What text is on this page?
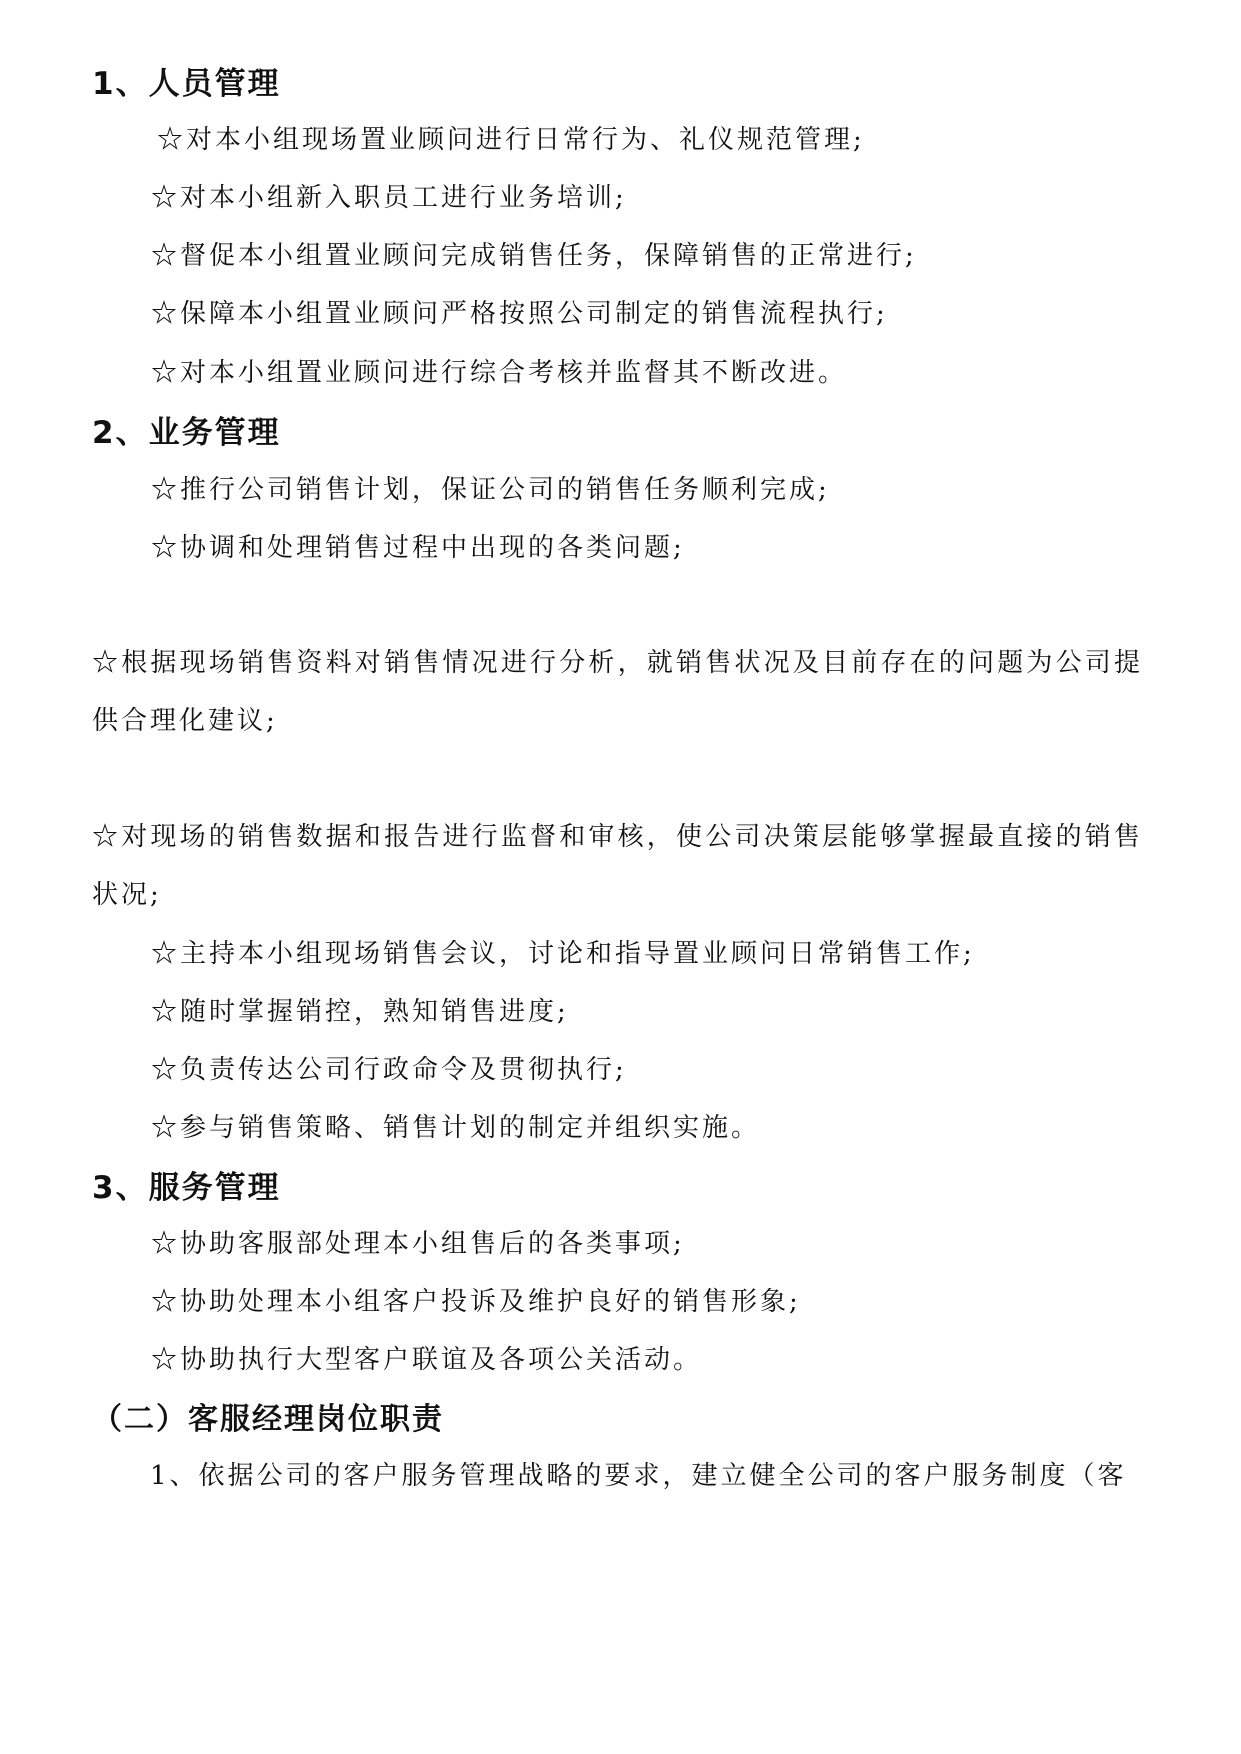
1、人员管理
☆对本小组现场置业顾问进行日常行为、礼仪规范管理;
☆对本小组新入职员工进行业务培训;
☆督促本小组置业顾问完成销售任务，保障销售的正常进行;
☆保障本小组置业顾问严格按照公司制定的销售流程执行;
☆对本小组置业顾问进行综合考核并监督其不断改进。
2、业务管理
☆推行公司销售计划，保证公司的销售任务顺利完成;
☆协调和处理销售过程中出现的各类问题;
☆根据现场销售资料对销售情况进行分析，就销售状况及目前存在的问题为公司提
供合理化建议;
☆对现场的销售数据和报告进行监督和审核，使公司决策层能够掌握最直接的销售
状况;
☆主持本小组现场销售会议，讨论和指导置业顾问日常销售工作;
☆随时掌握销控，熟知销售进度;
☆负责传达公司行政命令及贯彻执行;
☆参与销售策略、销售计划的制定并组织实施。
3、服务管理
☆协助客服部处理本小组售后的各类事项;
☆协助处理本小组客户投诉及维护良好的销售形象;
☆协助执行大型客户联谊及各项公关活动。
（二）客服经理岗位职责
1、依据公司的客户服务管理战略的要求，建立健全公司的客户服务制度（客
